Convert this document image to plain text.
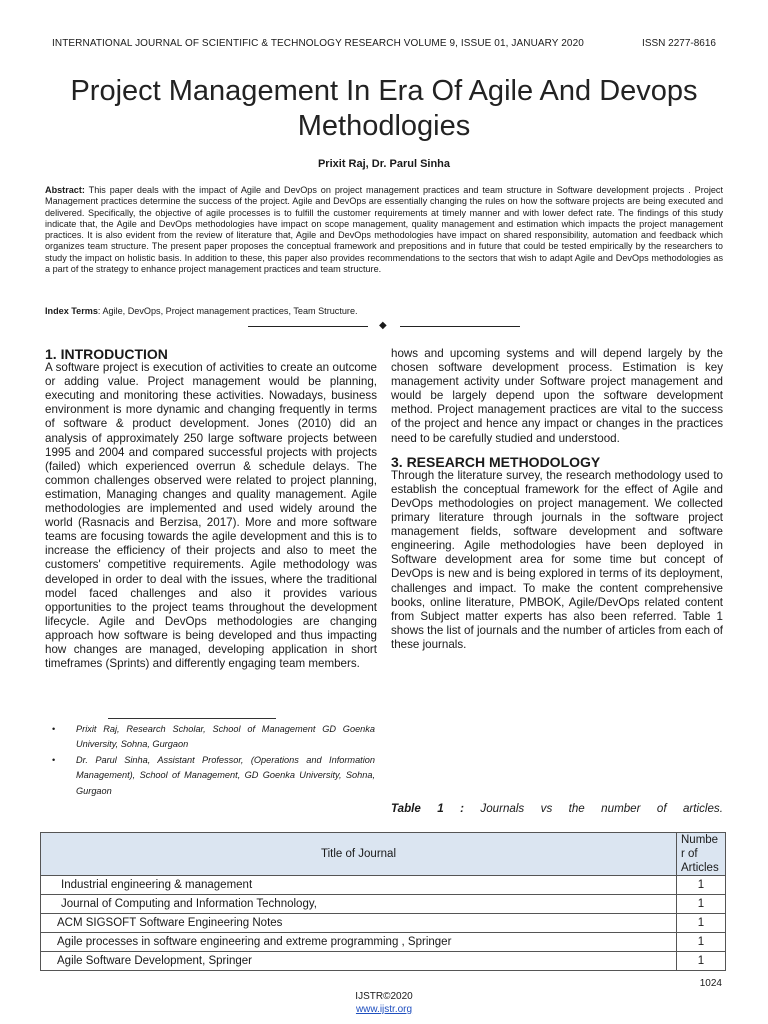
INTERNATIONAL JOURNAL OF SCIENTIFIC & TECHNOLOGY RESEARCH VOLUME 9, ISSUE 01, JANUARY 2020	ISSN 2277-8616
Project Management In Era Of Agile And Devops Methodlogies
Prixit Raj, Dr. Parul Sinha
Abstract: This paper deals with the impact of Agile and DevOps on project management practices and team structure in Software development projects . Project Management practices determine the success of the project. Agile and DevOps are essentially changing the rules on how the software projects are being executed and delivered. Specifically, the objective of agile processes is to fulfill the customer requirements at timely manner and with lower defect rate. The findings of this study indicate that, the Agile and DevOps methodologies have impact on scope management, quality management and estimation which impacts the project management practices. It is also evident from the review of literature that, Agile and DevOps methodologies have impact on shared responsibility, automation and feedback which organizes team structure. The present paper proposes the conceptual framework and prepositions and in future that could be tested empirically by the researchers to study the impact on holistic basis. In addition to these, this paper also provides recommendations to the sectors that wish to adapt Agile and DevOps methodologies as a part of the strategy to enhance project management practices and team structure.
Index Terms: Agile, DevOps, Project management practices, Team Structure.
◆
1. INTRODUCTION
A software project is execution of activities to create an outcome or adding value. Project management would be planning, executing and monitoring these activities. Nowadays, business environment is more dynamic and changing frequently in terms of software & product development. Jones (2010) did an analysis of approximately 250 large software projects between 1995 and 2004 and compared successful projects with projects (failed) which experienced overrun & schedule delays. The common challenges observed were related to project planning, estimation, Managing changes and quality management. Agile methodologies are implemented and used widely around the world (Rasnacis and Berzisa, 2017). More and more software teams are focusing towards the agile development and this is to increase the efficiency of their projects and also to meet the customers' competitive requirements. Agile methodology was developed in order to deal with the issues, where the traditional model faced challenges and also it provides various opportunities to the project teams throughout the development lifecycle. Agile and DevOps methodologies are changing approach how software is being developed and thus impacting how changes are managed, developing application in short timeframes (Sprints) and differently engaging team members.
hows and upcoming systems and will depend largely by the chosen software development process. Estimation is key management activity under Software project management and would be largely depend upon the software development method. Project management practices are vital to the success of the project and hence any impact or changes in the practices need to be carefully studied and understood.
3. RESEARCH METHODOLOGY
Through the literature survey, the research methodology used to establish the conceptual framework for the effect of Agile and DevOps methodologies on project management. We collected primary literature through journals in the software project management fields, software development and software engineering. Agile methodologies have been deployed in Software development area for some time but concept of DevOps is new and is being explored in terms of its deployment, challenges and impact. To make the content comprehensive books, online literature, PMBOK, Agile/DevOps related content from Subject matter experts has also been referred. Table 1 shows the list of journals and the number of articles from each of these journals.
• Prixit Raj, Research Scholar, School of Management GD Goenka University, Sohna, Gurgaon
• Dr. Parul Sinha, Assistant Professor, (Operations and Information Management), School of Management, GD Goenka University, Sohna, Gurgaon
Table 1 : Journals vs the number of articles.
Title of Journal	Numbe r of Articles
Industrial engineering & management	1
Journal of Computing and Information Technology,	1
ACM SIGSOFT Software Engineering Notes	1
Agile processes in software engineering and extreme programming , Springer	1
Agile Software Development, Springer	1
1024
IJSTR©2020
www.ijstr.org
